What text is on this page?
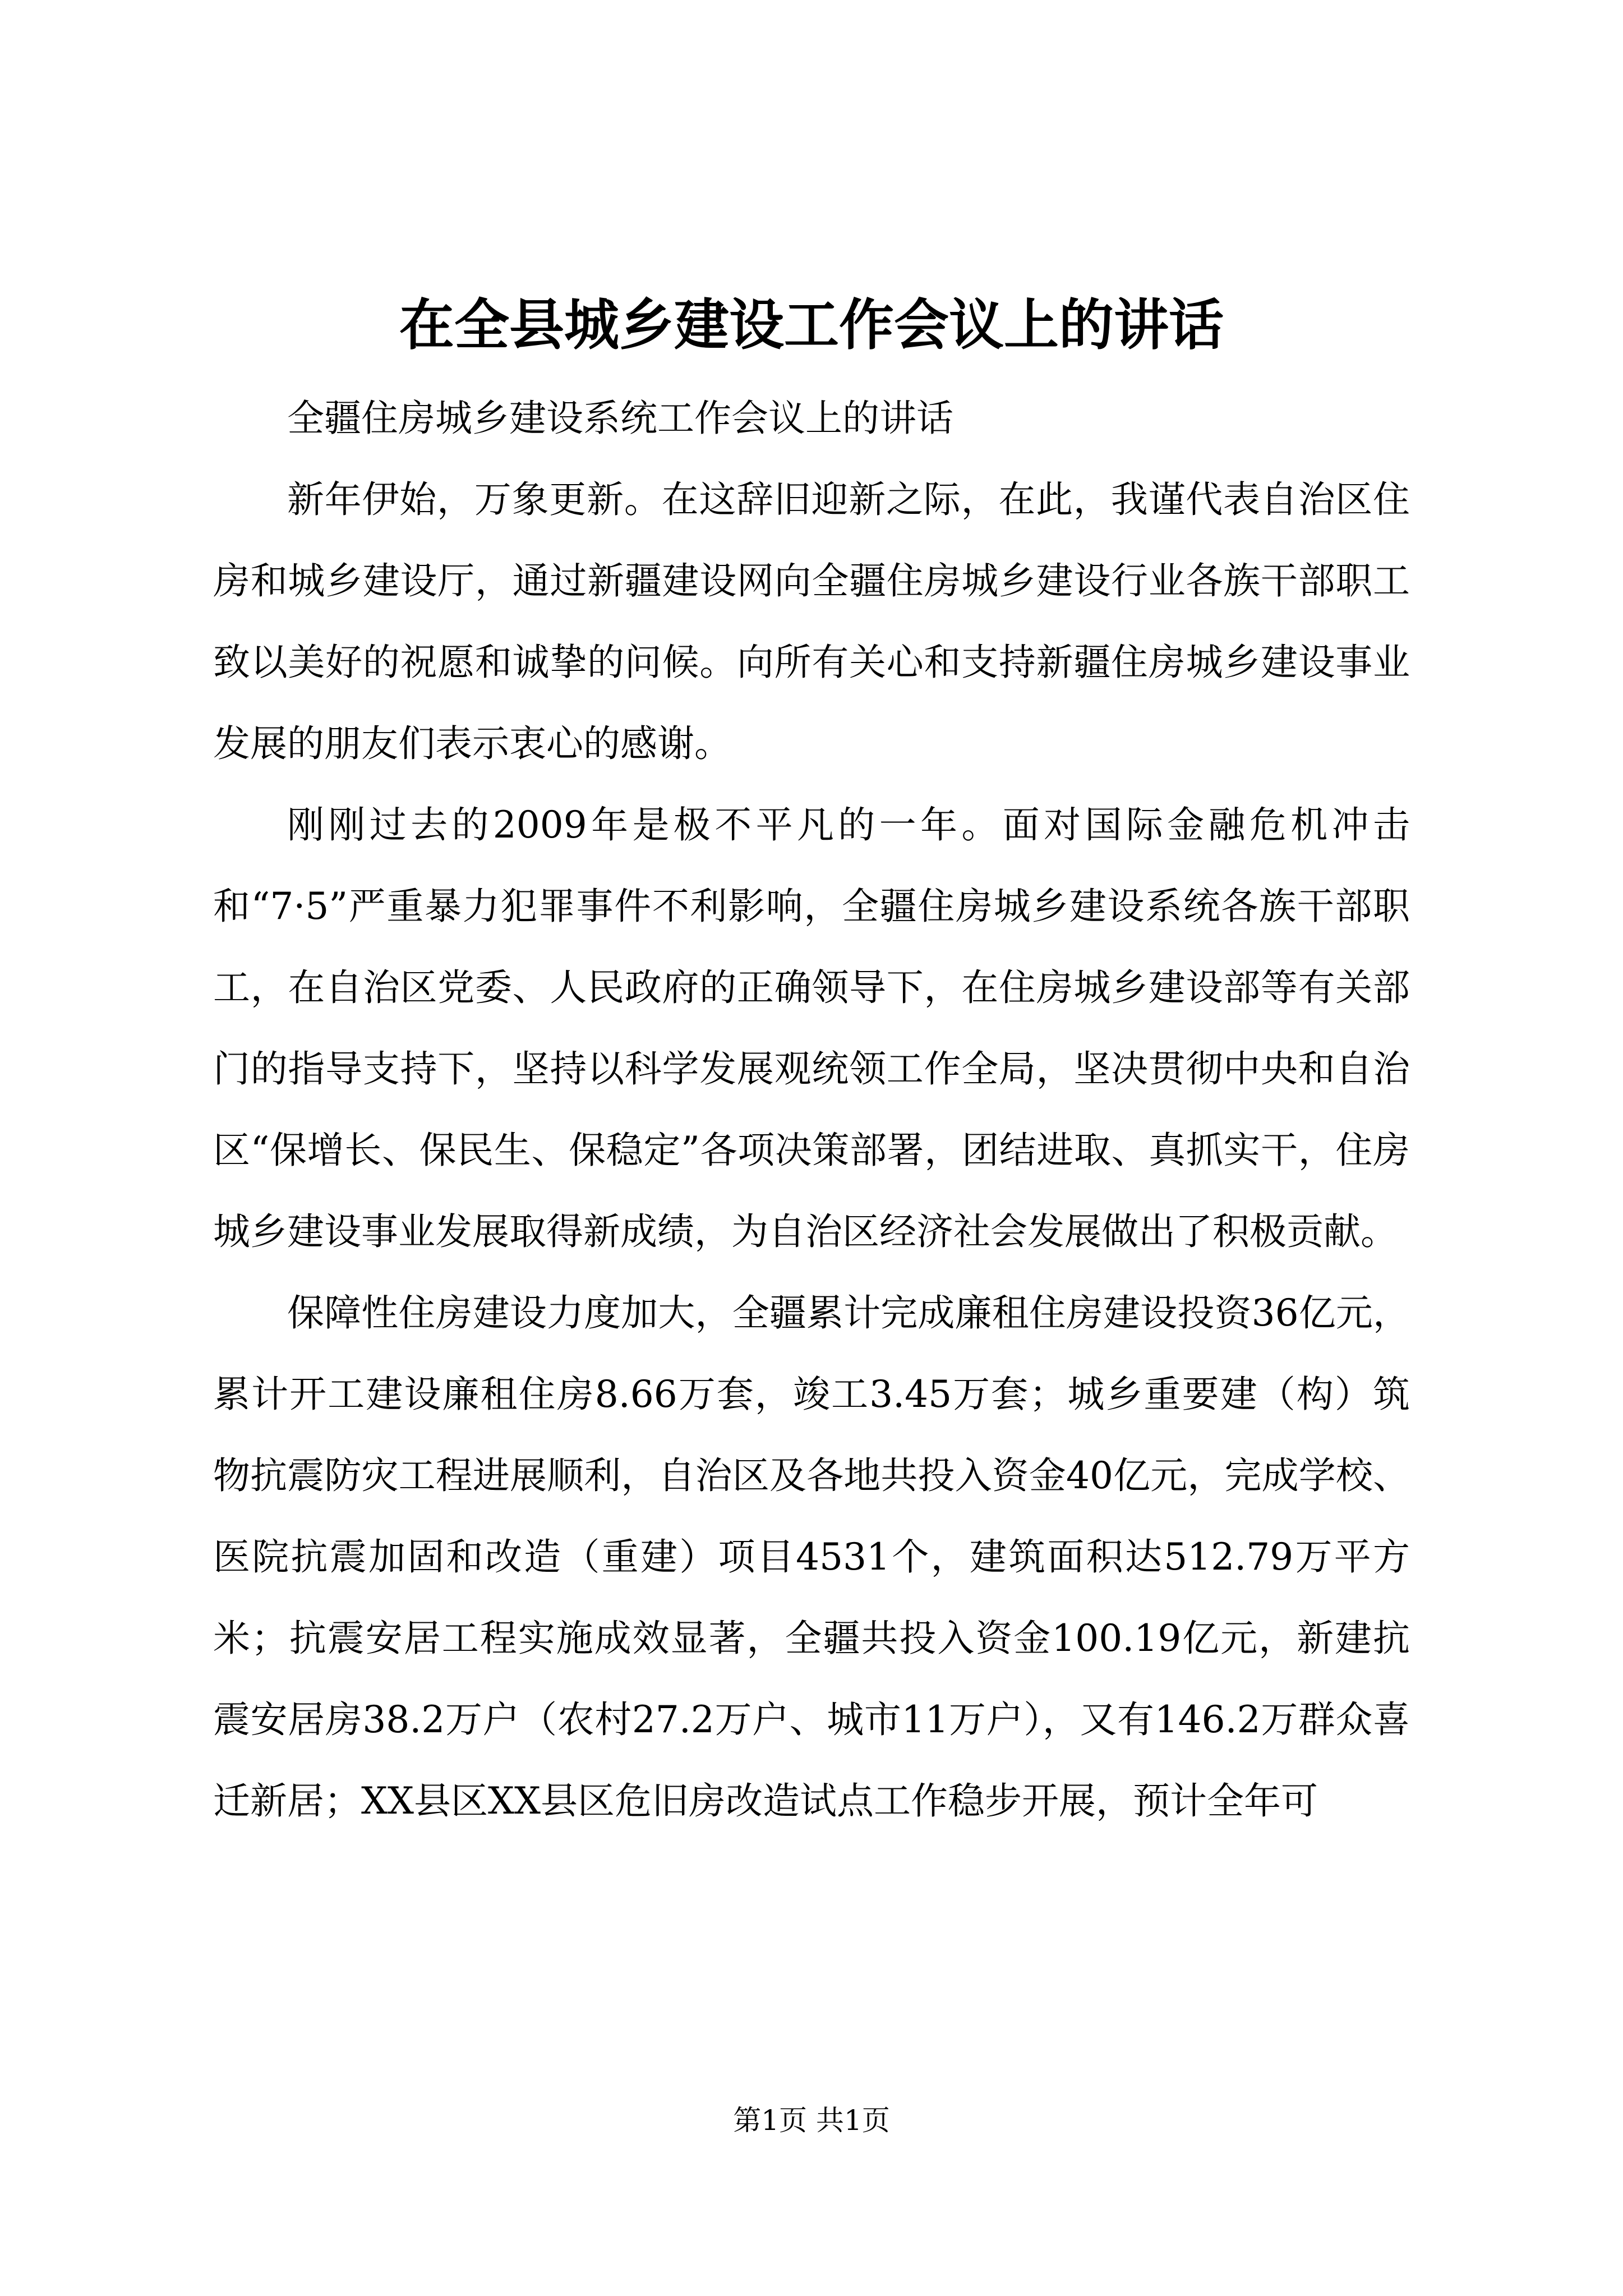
在全县城乡建设工作会议上的讲话

全疆住房城乡建设系统工作会议上的讲话

新年伊始，万象更新。在这辞旧迎新之际，在此，我谨代表自治区住房和城乡建设厅，通过新疆建设网向全疆住房城乡建设行业各族干部职工致以美好的祝愿和诚挚的问候。向所有关心和支持新疆住房城乡建设事业发展的朋友们表示衷心的感谢。

刚刚过去的2009年是极不平凡的一年。面对国际金融危机冲击和“7·5”严重暴力犯罪事件不利影响，全疆住房城乡建设系统各族干部职工，在自治区党委、人民政府的正确领导下，在住房城乡建设部等有关部门的指导支持下，坚持以科学发展观统领工作全局，坚决贯彻中央和自治区“保增长、保民生、保稳定”各项决策部署，团结进取、真抓实干，住房城乡建设事业发展取得新成绩，为自治区经济社会发展做出了积极贡献。

保障性住房建设力度加大，全疆累计完成廉租住房建设投资36亿元，累计开工建设廉租住房8.66万套，竣工3.45万套；城乡重要建（构）筑物抗震防灾工程进展顺利，自治区及各地共投入资金40亿元，完成学校、医院抗震加固和改造（重建）项目4531个，建筑面积达512.79万平方米；抗震安居工程实施成效显著，全疆共投入资金100.19亿元，新建抗震安居房38.2万户（农村27.2万户、城市11万户），又有146.2万群众喜迁新居；XX县区XX县区危旧房改造试点工作稳步开展，预计全年可

第1页 共1页
